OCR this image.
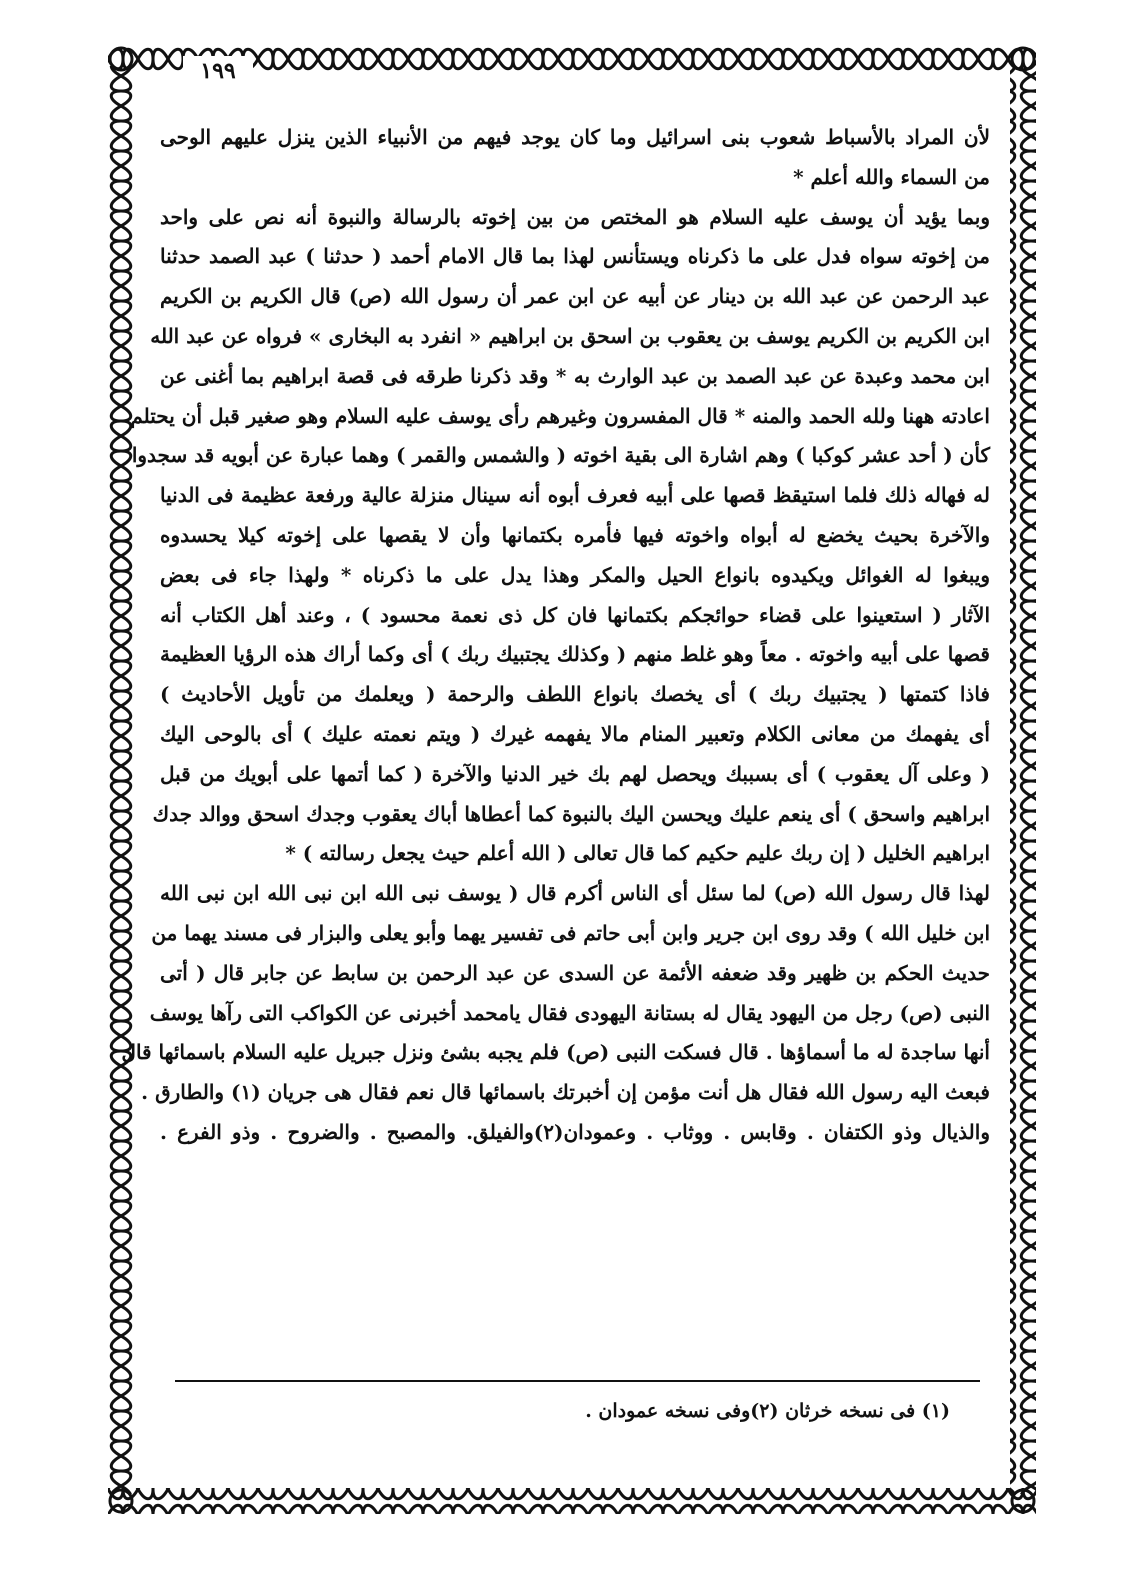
١٩٩
لأن المراد بالأسباط شعوب بنى اسرائيل وما كان يوجد فيهم من الأنبياء الذين ينزل عليهم الوحى
من السماء والله أعلم *
وبما يؤيد أن يوسف عليه السلام هو المختص من بين إخوته بالرسالة والنبوة أنه نص على واحد
من إخوته سواه فدل على ما ذكرناه ويستأنس لهذا بما قال الامام أحمد ( حدثنا ) عبد الصمد حدثنا
عبد الرحمن عن عبد الله بن دينار عن أبيه عن ابن عمر أن رسول الله (ص) قال الكريم بن الكريم
ابن الكريم بن الكريم يوسف بن يعقوب بن اسحق بن ابراهيم « انفرد به البخارى » فرواه عن عبد الله
ابن محمد وعبدة عن عبد الصمد بن عبد الوارث به * وقد ذكرنا طرقه فى قصة ابراهيم بما أغنى عن
اعادته ههنا ولله الحمد والمنه * قال المفسرون وغيرهم رأى يوسف عليه السلام وهو صغير قبل أن يحتلم
كأن ( أحد عشر كوكبا ) وهم اشارة الى بقية اخوته ( والشمس والقمر ) وهما عبارة عن أبويه قد سجدوا
له فهاله ذلك فلما استيقظ قصها على أبيه فعرف أبوه أنه سينال منزلة عالية ورفعة عظيمة فى الدنيا
والآخرة بحيث يخضع له أبواه واخوته فيها فأمره بكتمانها وأن لا يقصها على إخوته كيلا يحسدوه
ويبغوا له الغوائل ويكيدوه بانواع الحيل والمكر وهذا يدل على ما ذكرناه * ولهذا جاء فى بعض
الآثار ( استعينوا على قضاء حوائجكم بكتمانها فان كل ذى نعمة محسود ) ، وعند أهل الكتاب أنه
قصها على أبيه واخوته . معاً وهو غلط منهم ( وكذلك يجتبيك ربك ) أى وكما أراك هذه الرؤيا العظيمة
فاذا كتمتها ( يجتبيك ربك ) أى يخصك بانواع اللطف والرحمة ( ويعلمك من تأويل الأحاديث )
أى يفهمك من معانى الكلام وتعبير المنام مالا يفهمه غيرك ( ويتم نعمته عليك ) أى بالوحى اليك
( وعلى آل يعقوب ) أى بسببك ويحصل لهم بك خير الدنيا والآخرة ( كما أتمها على أبويك من قبل
ابراهيم واسحق ) أى ينعم عليك ويحسن اليك بالنبوة كما أعطاها أباك يعقوب وجدك اسحق ووالد جدك
ابراهيم الخليل ( إن ربك عليم حكيم كما قال تعالى ( الله أعلم حيث يجعل رسالته ) *
لهذا قال رسول الله (ص) لما سئل أى الناس أكرم قال ( يوسف نبى الله ابن نبى الله ابن نبى الله
ابن خليل الله ) وقد روى ابن جرير وابن أبى حاتم فى تفسير يهما وأبو يعلى والبزار فى مسند يهما من
حديث الحكم بن ظهير وقد ضعفه الأئمة عن السدى عن عبد الرحمن بن سابط عن جابر قال ( أتى
النبى (ص) رجل من اليهود يقال له بستانة اليهودى فقال يامحمد أخبرنى عن الكواكب التى رآها يوسف
أنها ساجدة له ما أسماؤها . قال فسكت النبى (ص) فلم يجبه بشئ ونزل جبريل عليه السلام باسمائها قال
فبعث اليه رسول الله فقال هل أنت مؤمن إن أخبرتك باسمائها قال نعم فقال هى جريان (١) والطارق .
والذيال وذو الكتفان . وقابس . ووثاب . وعمودان(٢)والفيلق. والمصبح . والضروح . وذو الفرع .
(١) فى نسخه خرثان (٢)وفى نسخه عمودان .
